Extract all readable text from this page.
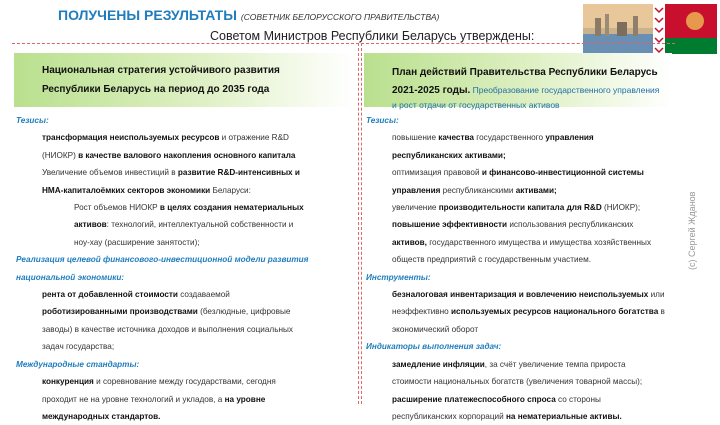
ПОЛУЧЕНЫ РЕЗУЛЬТАТЫ (СОВЕТНИК БЕЛОРУССКОГО ПРАВИТЕЛЬСТВА)
Советом Министров Республики Беларусь утверждены:
Национальная стратегия устойчивого развития
Республики Беларусь на период до 2035 года
Тезисы:
трансформация неиспользуемых ресурсов и отражение R&D
(НИОКР) в качестве валового накопления основного капитала
Увеличение объемов инвестиций в развитие R&D-интенсивных и
НМА-капиталоёмких секторов экономики Беларуси:
Рост объемов НИОКР в целях создания нематериальных
активов: технологий, интеллектуальной собственности и
ноу-хау (расширение занятости);
Реализация целевой финансового-инвестиционной модели развития
национальной экономики:
рента от добавленной стоимости создаваемой
роботизированными производствами (безлюдные, цифровые
заводы) в качестве источника доходов и выполнения социальных
задач государства;
Международные стандарты:
конкуренция и соревнование между государствами, сегодня
проходит не на уровне технологий и укладов, а на уровне
международных стандартов.
План действий Правительства Республики Беларусь
2021-2025 годы. Преобразование государственного управления
и рост отдачи от государственных активов
Тезисы:
повышение качества государственного управления
республиканских активами;
оптимизация правовой и финансово-инвестиционной системы
управления республиканскими активами;
увеличение производительности капитала для R&D (НИОКР);
повышение эффективности использования республиканских
активов, государственного имущества и имущества хозяйственных
обществ предприятий с государственным участием.
Инструменты:
безналоговая инвентаризация и вовлечению неиспользуемых или
неэффективно используемых ресурсов национального богатства в
экономический оборот
Индикаторы выполнения задач:
замедление инфляции, за счёт увеличение темпа прироста
стоимости национальных богатств (увеличения товарной массы);
расширение платежеспособного спроса со стороны
республиканских корпораций на нематериальные активы.
(c) Сергей Жданов
